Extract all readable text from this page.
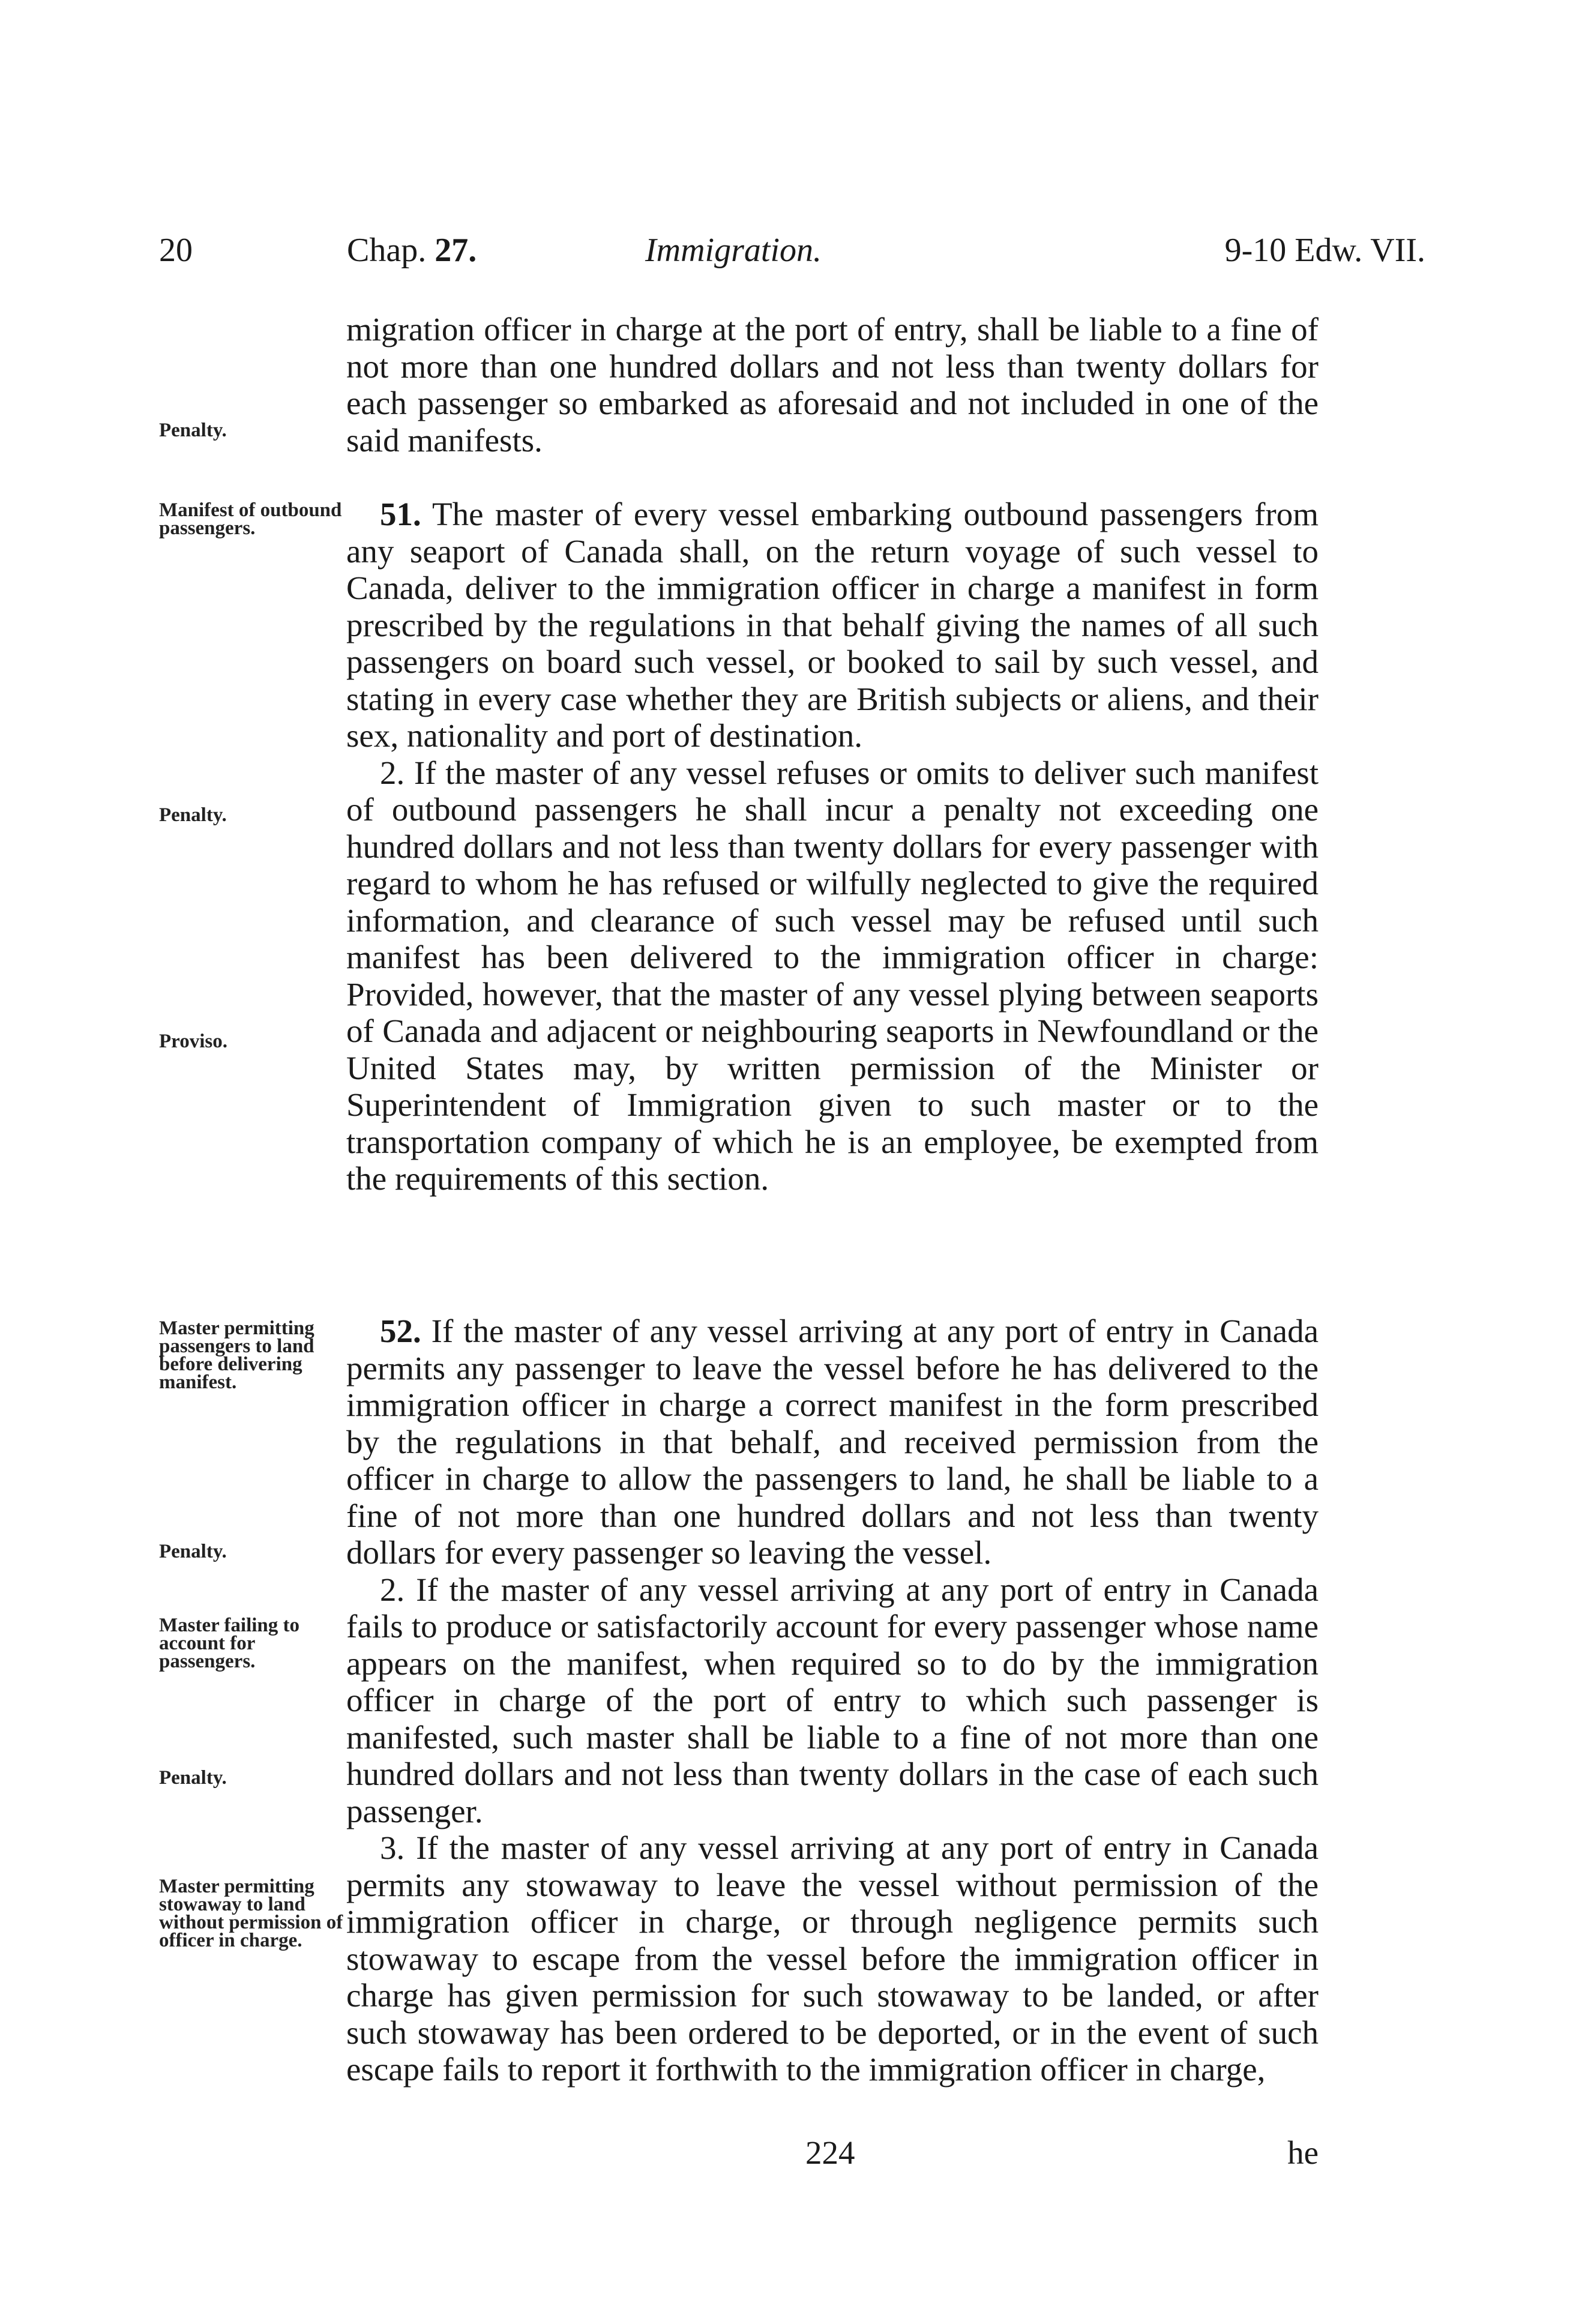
20	Chap. 27.	Immigration.	9-10 Edw. VII.

migration officer in charge at the port of entry, shall be liable to a fine of not more than one hundred dollars and not less than twenty dollars for each passenger so embarked as aforesaid and not included in one of the said manifests.

51. The master of every vessel embarking outbound passengers from any seaport of Canada shall, on the return voyage of such vessel to Canada, deliver to the immigration officer in charge a manifest in form prescribed by the regulations in that behalf giving the names of all such passengers on board such vessel, or booked to sail by such vessel, and stating in every case whether they are British subjects or aliens, and their sex, nationality and port of destination.

2. If the master of any vessel refuses or omits to deliver such manifest of outbound passengers he shall incur a penalty not exceeding one hundred dollars and not less than twenty dollars for every passenger with regard to whom he has refused or wilfully neglected to give the required information, and clearance of such vessel may be refused until such manifest has been delivered to the immigration officer in charge: Provided, however, that the master of any vessel plying between seaports of Canada and adjacent or neighbouring seaports in Newfoundland or the United States may, by written permission of the Minister or Superintendent of Immigration given to such master or to the transportation company of which he is an employee, be exempted from the requirements of this section.

52. If the master of any vessel arriving at any port of entry in Canada permits any passenger to leave the vessel before he has delivered to the immigration officer in charge a correct manifest in the form prescribed by the regulations in that behalf, and received permission from the officer in charge to allow the passengers to land, he shall be liable to a fine of not more than one hundred dollars and not less than twenty dollars for every passenger so leaving the vessel.

2. If the master of any vessel arriving at any port of entry in Canada fails to produce or satisfactorily account for every passenger whose name appears on the manifest, when required so to do by the immigration officer in charge of the port of entry to which such passenger is manifested, such master shall be liable to a fine of not more than one hundred dollars and not less than twenty dollars in the case of each such passenger.

3. If the master of any vessel arriving at any port of entry in Canada permits any stowaway to leave the vessel without permission of the immigration officer in charge, or through negligence permits such stowaway to escape from the vessel before the immigration officer in charge has given permission for such stowaway to be landed, or after such stowaway has been ordered to be deported, or in the event of such escape fails to report it forthwith to the immigration officer in charge,

Penalty.
Manifest of outbound passengers.
Penalty.
Proviso.
Master permitting passengers to land before delivering manifest.
Penalty.
Master failing to account for passengers.
Penalty.
Master permitting stowaway to land without permission of officer in charge.
224	he
